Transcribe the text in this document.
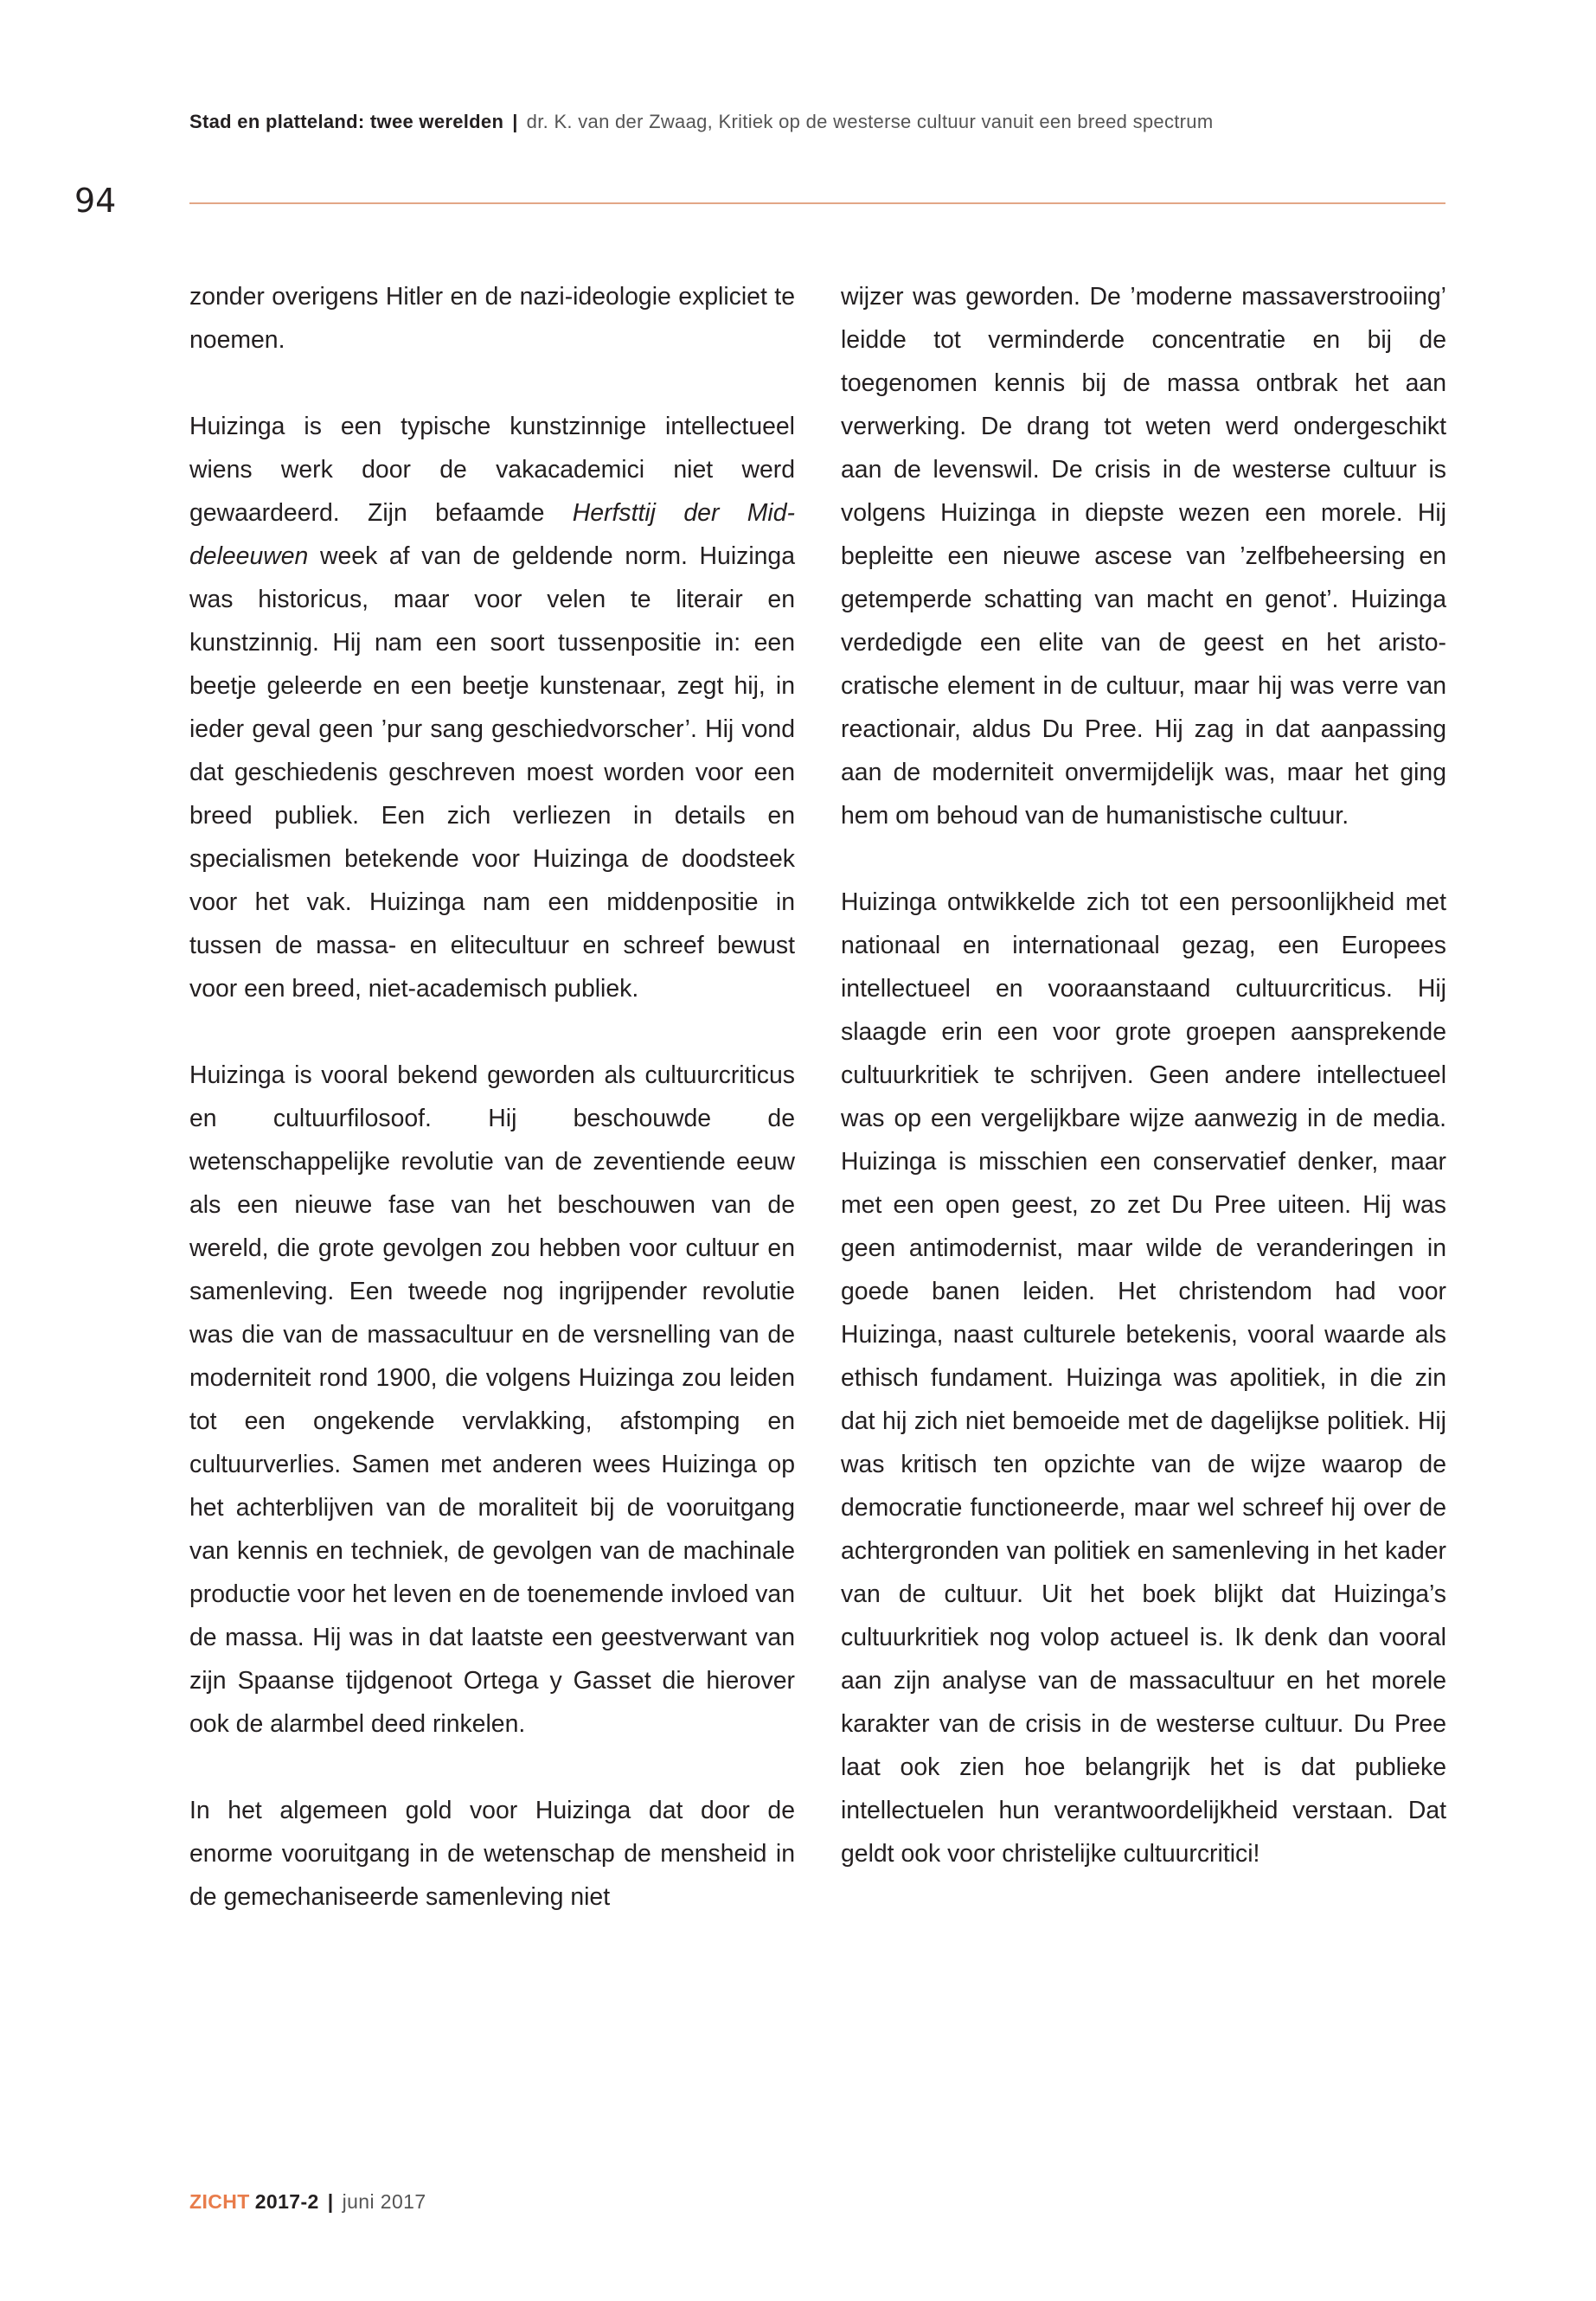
Stad en platteland: twee werelden | dr. K. van der Zwaag, Kritiek op de westerse cultuur vanuit een breed spectrum
94

zonder overigens Hitler en de nazi-ideologie expliciet te noemen.

Huizinga is een typische kunstzinnige intellectueel wiens werk door de vakacademici niet werd gewaardeerd. Zijn befaamde Herfsttij der Middeleeuwen week af van de geldende norm. Huizinga was historicus, maar voor velen te literair en kunstzinnig. Hij nam een soort tussenpositie in: een beetje geleerde en een beetje kunstenaar, zegt hij, in ieder geval geen ’pur sang geschiedvorscher’. Hij vond dat geschiedenis geschreven moest worden voor een breed publiek. Een zich verliezen in details en specialismen betekende voor Huizinga de doodsteek voor het vak. Huizinga nam een middenpositie in tussen de massa- en elitecultuur en schreef bewust voor een breed, niet-academisch publiek.

Huizinga is vooral bekend geworden als cultuurcriticus en cultuurfilosoof. Hij beschouwde de wetenschappelijke revolutie van de zeventiende eeuw als een nieuwe fase van het beschouwen van de wereld, die grote gevolgen zou hebben voor cultuur en samenleving. Een tweede nog ingrijpender revolutie was die van de massacultuur en de versnelling van de moderniteit rond 1900, die volgens Huizinga zou leiden tot een ongekende vervlakking, afstomping en cultuurverlies. Samen met anderen wees Huizinga op het achterblijven van de moraliteit bij de vooruitgang van kennis en techniek, de gevolgen van de machinale productie voor het leven en de toenemende invloed van de massa. Hij was in dat laatste een geestverwant van zijn Spaanse tijdgenoot Ortega y Gasset die hierover ook de alarmbel deed rinkelen.

In het algemeen gold voor Huizinga dat door de enorme vooruitgang in de wetenschap de mensheid in de gemechaniseerde samenleving niet

wijzer was geworden. De ’moderne massaverstrooiing’ leidde tot verminderde concentratie en bij de toegenomen kennis bij de massa ontbrak het aan verwerking. De drang tot weten werd ondergeschikt aan de levenswil. De crisis in de westerse cultuur is volgens Huizinga in diepste wezen een morele. Hij bepleitte een nieuwe ascese van ’zelfbeheersing en getemperde schatting van macht en genot’. Huizinga verdedigde een elite van de geest en het aristocratische element in de cultuur, maar hij was verre van reactionair, aldus Du Pree. Hij zag in dat aanpassing aan de moderniteit onvermijdelijk was, maar het ging hem om behoud van de humanistische cultuur.

Huizinga ontwikkelde zich tot een persoonlijkheid met nationaal en internationaal gezag, een Europees intellectueel en vooraanstaand cultuurcriticus. Hij slaagde erin een voor grote groepen aansprekende cultuurkritiek te schrijven. Geen andere intellectueel was op een vergelijkbare wijze aanwezig in de media. Huizinga is misschien een conservatief denker, maar met een open geest, zo zet Du Pree uiteen. Hij was geen antimodernist, maar wilde de veranderingen in goede banen leiden. Het christendom had voor Huizinga, naast culturele betekenis, vooral waarde als ethisch fundament. Huizinga was apolitiek, in die zin dat hij zich niet bemoeide met de dagelijkse politiek. Hij was kritisch ten opzichte van de wijze waarop de democratie functioneerde, maar wel schreef hij over de achtergronden van politiek en samenleving in het kader van de cultuur. Uit het boek blijkt dat Huizinga’s cultuurkritiek nog volop actueel is. Ik denk dan vooral aan zijn analyse van de massacultuur en het morele karakter van de crisis in de westerse cultuur. Du Pree laat ook zien hoe belangrijk het is dat publieke intellectuelen hun verantwoordelijkheid verstaan. Dat geldt ook voor christelijke cultuurcritici!

ZICHT 2017-2 | juni 2017
